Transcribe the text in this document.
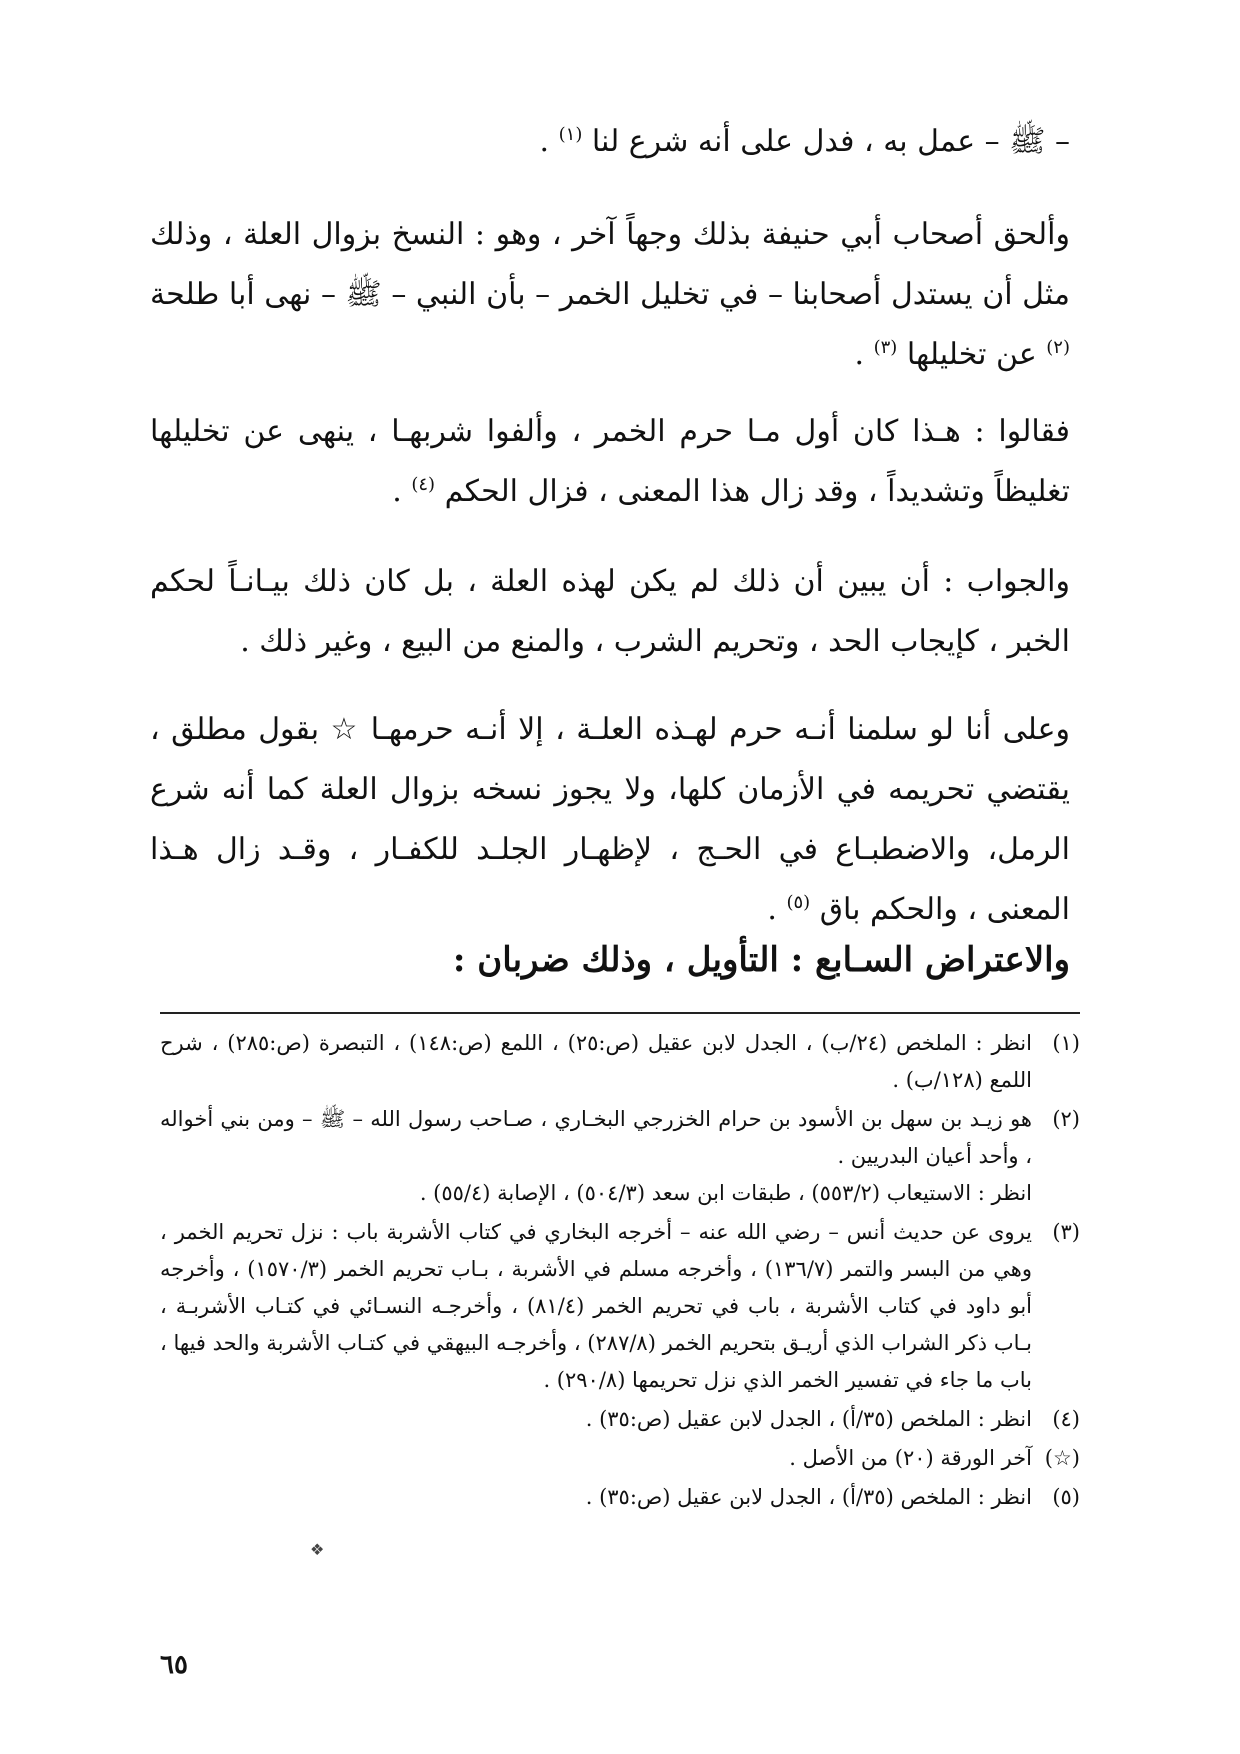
– ﷺ – عمل به ، فدل على أنه شرع لنا $^{(١)}$ .

وألحق أصحاب أبي حنيفة بذلك وجهاً آخر ، وهو : النسخ بزوال العلة ، وذلك مثل أن يستدل أصحابنا – في تخليل الخمر – بأن النبي – ﷺ – نهى أبا طلحة $^{(٢)}$ عن تخليلها $^{(٣)}$ .

فقالوا : هـذا كان أول مـا حرم الخمر ، وألفوا شربهـا ، ينهى عن تخليلها تغليظاً وتشديداً ، وقد زال هذا المعنى ، فزال الحكم $^{(٤)}$ .

والجواب : أن يبين أن ذلك لم يكن لهذه العلة ، بل كان ذلك بيـانـاً لحكم الخبر ، كإيجاب الحد ، وتحريم الشرب ، والمنع من البيع ، وغير ذلك .

وعلى أنا لو سلمنا أنـه حرم لهـذه العلـة ، إلا أنـه حرمهـا ☆ بقول مطلق ، يقتضي تحريمه في الأزمان كلها، ولا يجوز نسخه بزوال العلة كما أنه شرع الرمل، والاضطبـاع في الحـج ، لإظهـار الجلـد للكفـار ، وقـد زال هـذا المعنى ، والحكم باق $^{(٥)}$ .

والاعتراض السـابع : التأويل ، وذلك ضربان :

(١)

انظر : الملخص (٢٤/ب) ، الجدل لابن عقيل (ص:٢٥) ، اللمع (ص:١٤٨) ، التبصرة (ص:٢٨٥) ، شرح اللمع (١٢٨/ب) .

(٢)

هو زيـد بن سهل بن الأسود بن حرام الخزرجي البخـاري ، صـاحب رسول الله – ﷺ – ومن بني أخواله ، وأحد أعيان البدريين .

انظر : الاستيعاب (٥٥٣/٢) ، طبقات ابن سعد (٥٠٤/٣) ، الإصابة (٥٥/٤) .

(٣)

يروى عن حديث أنس – رضي الله عنه – أخرجه البخاري في كتاب الأشربة باب : نزل تحريم الخمر ، وهي من البسر والتمر (١٣٦/٧) ، وأخرجه مسلم في الأشربة ، بـاب تحريم الخمر (١٥٧٠/٣) ، وأخرجه أبو داود في كتاب الأشربة ، باب في تحريم الخمر (٨١/٤) ، وأخرجـه النسـائي في كتـاب الأشربـة ، بـاب ذكر الشراب الذي أريـق بتحريم الخمر (٢٨٧/٨) ، وأخرجـه البيهقي في كتـاب الأشربة والحد فيها ، باب ما جاء في تفسير الخمر الذي نزل تحريمها (٢٩٠/٨) .

(٤)

انظر : الملخص (٣٥/أ) ، الجدل لابن عقيل (ص:٣٥) .

(☆)

آخر الورقة (٢٠) من الأصل .

(٥)

انظر : الملخص (٣٥/أ) ، الجدل لابن عقيل (ص:٣٥) .

❖
٦٥
